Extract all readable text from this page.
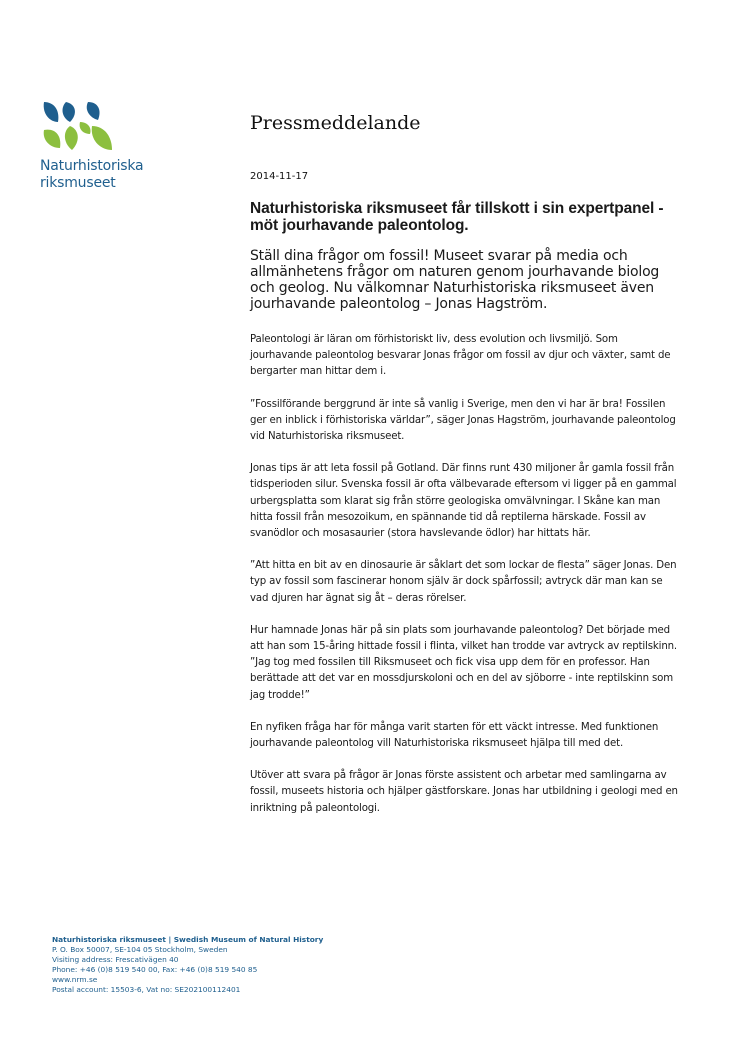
Naturhistoriska
riksmuseet
Pressmeddelande
2014-11-17

Naturhistoriska riksmuseet får tillskott i sin expertpanel - möt jourhavande paleontolog.

Ställ dina frågor om fossil! Museet svarar på media och allmänhetens frågor om naturen genom jourhavande biolog och geolog. Nu välkomnar Naturhistoriska riksmuseet även jourhavande paleontolog – Jonas Hagström.

Paleontologi är läran om förhistoriskt liv, dess evolution och livsmiljö. Som jourhavande paleontolog besvarar Jonas frågor om fossil av djur och växter, samt de bergarter man hittar dem i.

”Fossilförande berggrund är inte så vanlig i Sverige, men den vi har är bra! Fossilen ger en inblick i förhistoriska världar”, säger Jonas Hagström, jourhavande paleontolog vid Naturhistoriska riksmuseet.

Jonas tips är att leta fossil på Gotland. Där finns runt 430 miljoner år gamla fossil från tidsperioden silur. Svenska fossil är ofta välbevarade eftersom vi ligger på en gammal urbergsplatta som klarat sig från större geologiska omvälvningar. I Skåne kan man hitta fossil från mesozoikum, en spännande tid då reptilerna härskade. Fossil av svanödlor och mosasaurier (stora havslevande ödlor) har hittats här.

”Att hitta en bit av en dinosaurie är såklart det som lockar de flesta” säger Jonas. Den typ av fossil som fascinerar honom själv är dock spårfossil; avtryck där man kan se vad djuren har ägnat sig åt – deras rörelser.

Hur hamnade Jonas här på sin plats som jourhavande paleontolog? Det började med att han som 15-åring hittade fossil i flinta, vilket han trodde var avtryck av reptilskinn.

”Jag tog med fossilen till Riksmuseet och fick visa upp dem för en professor. Han berättade att det var en mossdjurskoloni och en del av sjöborre - inte reptilskinn som jag trodde!”

En nyfiken fråga har för många varit starten för ett väckt intresse. Med funktionen jourhavande paleontolog vill Naturhistoriska riksmuseet hjälpa till med det.

Utöver att svara på frågor är Jonas förste assistent och arbetar med samlingarna av fossil, museets historia och hjälper gästforskare. Jonas har utbildning i geologi med en inriktning på paleontologi.

Naturhistoriska riksmuseet | Swedish Museum of Natural History
P. O. Box 50007, SE-104 05 Stockholm, Sweden
Visiting address: Frescativägen 40
Phone: +46 (0)8 519 540 00, Fax: +46 (0)8 519 540 85
www.nrm.se
Postal account: 15503-6, Vat no: SE202100112401
